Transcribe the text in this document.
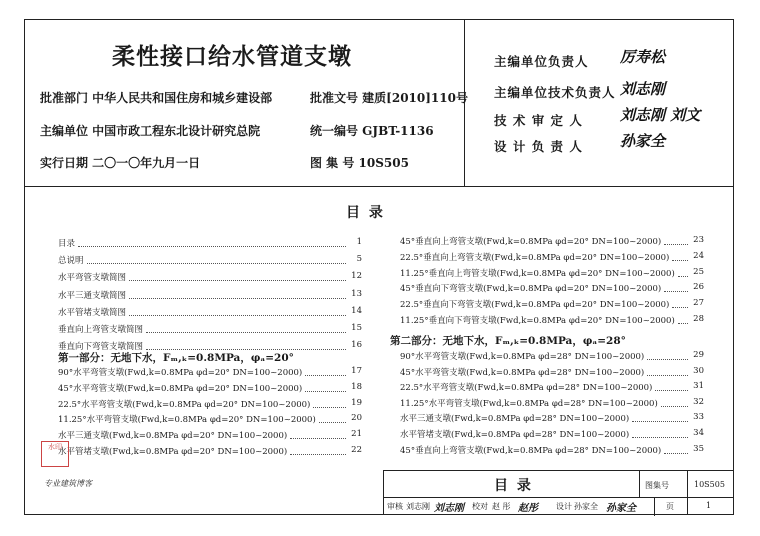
柔性接口给水管道支墩
批准部门 中华人民共和国住房和城乡建设部	批准文号 建质[2010]110号
主编单位 中国市政工程东北设计研究总院	统一编号 GJBT-1136
实行日期 二〇一〇年九月一日	图 集 号 10S505
主编单位负责人 厉寿松
主编单位技术负责人 刘志刚
技 术 审 定 人 刘志刚 刘文
设 计 负 责 人 孙家全
目 录
目录	1
总说明	5
水平弯管支墩简图	12
水平三通支墩简图	13
水平管堵支墩简图	14
垂直向上弯管支墩简图	15
垂直向下弯管支墩简图	16
第一部分：无地下水，Fₘ,ₖ=0.8MPa，φₐ=20°
90°水平弯管支墩(Fwd,k=0.8MPa φd=20° DN=100~2000)	17
45°水平弯管支墩(Fwd,k=0.8MPa φd=20° DN=100~2000)	18
22.5°水平弯管支墩(Fwd,k=0.8MPa φd=20° DN=100~2000)	19
11.25°水平弯管支墩(Fwd,k=0.8MPa φd=20° DN=100~2000)	20
水平三通支墩(Fwd,k=0.8MPa φd=20° DN=100~2000)	21
水平管堵支墩(Fwd,k=0.8MPa φd=20° DN=100~2000)	22
45°垂直向上弯管支墩(Fwd,k=0.8MPa φd=20° DN=100~2000)	23
22.5°垂直向上弯管支墩(Fwd,k=0.8MPa φd=20° DN=100~2000)	24
11.25°垂直向上弯管支墩(Fwd,k=0.8MPa φd=20° DN=100~2000)	25
45°垂直向下弯管支墩(Fwd,k=0.8MPa φd=20° DN=100~2000)	26
22.5°垂直向下弯管支墩(Fwd,k=0.8MPa φd=20° DN=100~2000)	27
11.25°垂直向下弯管支墩(Fwd,k=0.8MPa φd=20° DN=100~2000)	28
第二部分：无地下水，Fₘ,ₖ=0.8MPa，φₐ=28°
90°水平弯管支墩(Fwd,k=0.8MPa φd=28° DN=100~2000)	29
45°水平弯管支墩(Fwd,k=0.8MPa φd=28° DN=100~2000)	30
22.5°水平弯管支墩(Fwd,k=0.8MPa φd=28° DN=100~2000)	31
11.25°水平弯管支墩(Fwd,k=0.8MPa φd=28° DN=100~2000)	32
水平三通支墩(Fwd,k=0.8MPa φd=28° DN=100~2000)	33
水平管堵支墩(Fwd,k=0.8MPa φd=28° DN=100~2000)	34
45°垂直向上弯管支墩(Fwd,k=0.8MPa φd=28° DN=100~2000)	35
水印
专业建筑博客	目 录	图集号	10S505
审核 刘志刚 刘志刚 校对 赵 彤 赵彤 设计 孙家全 孙家全	页	1
